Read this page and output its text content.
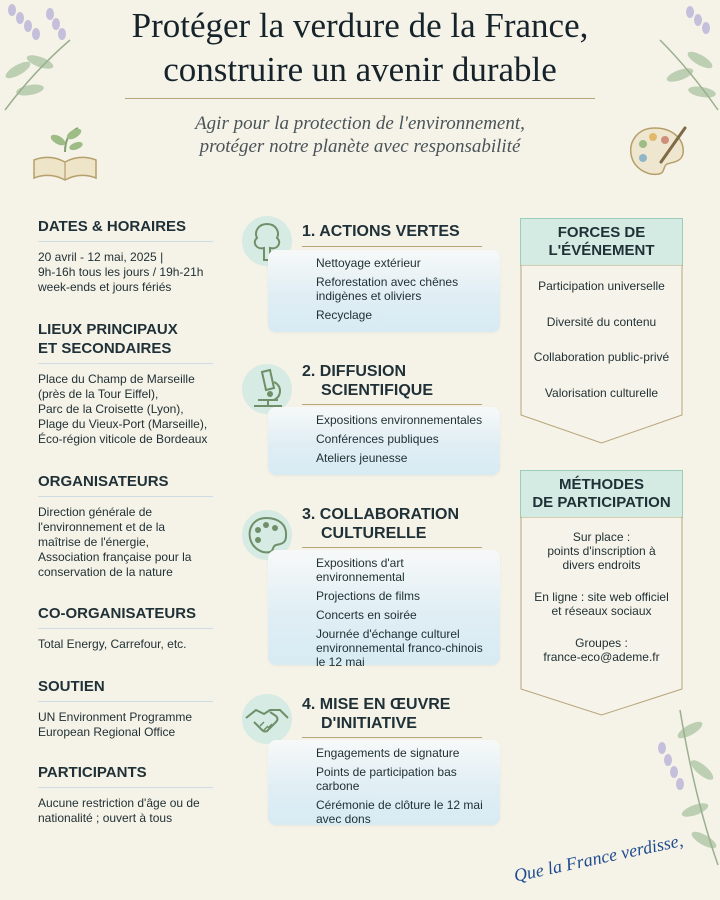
Protéger la verdure de la France,
construire un avenir durable
Agir pour la protection de l'environnement,
protéger notre planète avec responsabilité
DATES & HORAIRES
20 avril - 12 mai, 2025 |
9h-16h tous les jours / 19h-21h
week-ends et jours fériés
LIEUX PRINCIPAUX
ET SECONDAIRES
Place du Champ de Marseille
(près de la Tour Eiffel),
Parc de la Croisette (Lyon),
Plage du Vieux-Port (Marseille),
Éco-région viticole de Bordeaux
ORGANISATEURS
Direction générale de
l'environnement et de la
maîtrise de l'énergie,
Association française pour la
conservation de la nature
CO-ORGANISATEURS
Total Energy, Carrefour, etc.
SOUTIEN
UN Environment Programme
European Regional Office
PARTICIPANTS
Aucune restriction d'âge ou de
nationalité ; ouvert à tous
1. ACTIONS VERTES
Nettoyage extérieur
Reforestation avec chênes indigènes et oliviers
Recyclage
2. DIFFUSION
SCIENTIFIQUE
Expositions environnementales
Conférences publiques
Ateliers jeunesse
3. COLLABORATION
CULTURELLE
Expositions d'art environnemental
Projections de films
Concerts en soirée
Journée d'échange culturel environnemental franco-chinois le 12 mai
4. MISE EN ŒUVRE
D'INITIATIVE
Engagements de signature
Points de participation bas carbone
Cérémonie de clôture le 12 mai avec dons
FORCES DE
L'ÉVÉNEMENT
Participation universelle
Diversité du contenu
Collaboration public-privé
Valorisation culturelle
MÉTHODES
DE PARTICIPATION
Sur place :
points d'inscription à
divers endroits
En ligne : site web officiel
et réseaux sociaux
Groupes :
france-eco@ademe.fr
Que la France verdisse,
